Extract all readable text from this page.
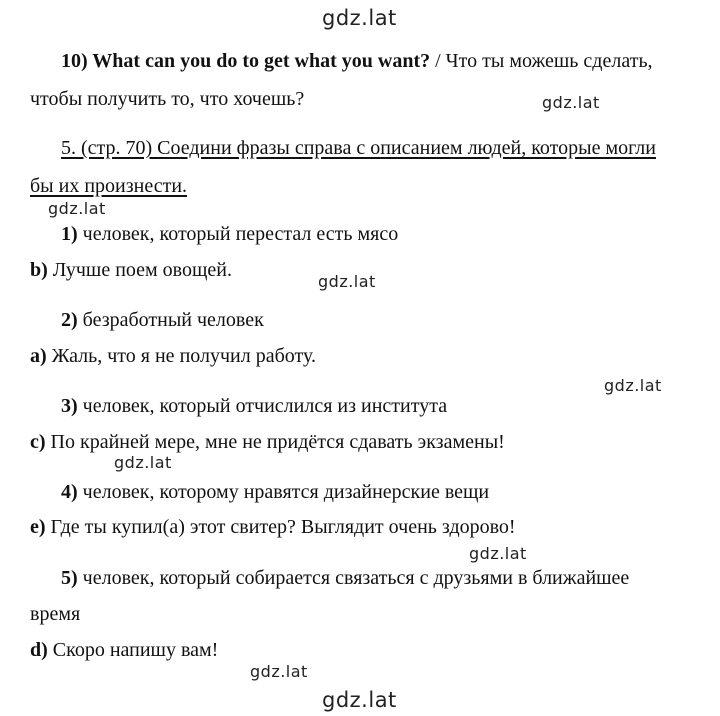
gdz.lat
gdz.lat
gdz.lat
gdz.lat
gdz.lat
gdz.lat
gdz.lat
gdz.lat
gdz.lat
10) What can you do to get what you want? / Что ты можешь сделать,
чтобы получить то, что хочешь?
5. (стр. 70) Соедини фразы справа с описанием людей, которые могли
бы их произнести.
1) человек, который перестал есть мясо
b) Лучше поем овощей.
2) безработный человек
a) Жаль, что я не получил работу.
3) человек, который отчислился из института
c) По крайней мере, мне не придётся сдавать экзамены!
4) человек, которому нравятся дизайнерские вещи
e) Где ты купил(а) этот свитер? Выглядит очень здорово!
5) человек, который собирается связаться с друзьями в ближайшее
время
d) Скоро напишу вам!
